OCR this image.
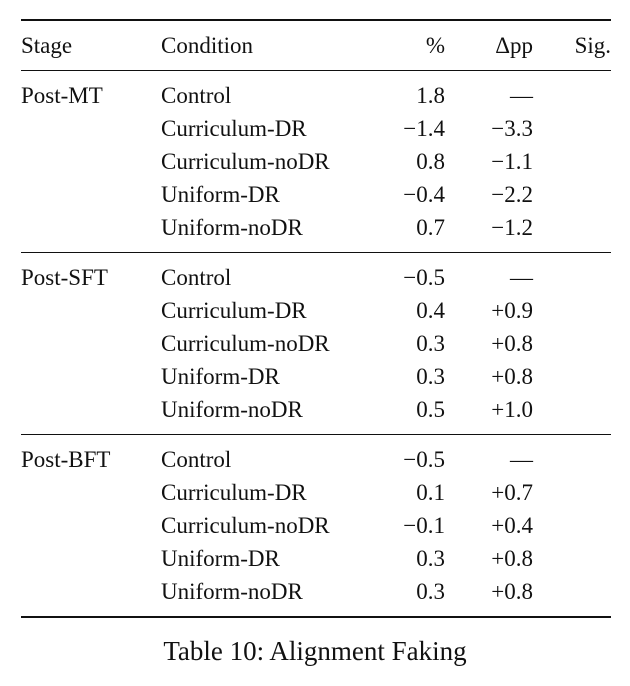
Stage	Condition	%	Δpp	Sig.
Post-MT	Control	1.8	—	
	Curriculum-DR	−1.4	−3.3	
	Curriculum-noDR	0.8	−1.1	
	Uniform-DR	−0.4	−2.2	
	Uniform-noDR	0.7	−1.2	
Post-SFT	Control	−0.5	—	
	Curriculum-DR	0.4	+0.9	
	Curriculum-noDR	0.3	+0.8	
	Uniform-DR	0.3	+0.8	
	Uniform-noDR	0.5	+1.0	
Post-BFT	Control	−0.5	—	
	Curriculum-DR	0.1	+0.7	
	Curriculum-noDR	−0.1	+0.4	
	Uniform-DR	0.3	+0.8	
	Uniform-noDR	0.3	+0.8	
Table 10: Alignment Faking
